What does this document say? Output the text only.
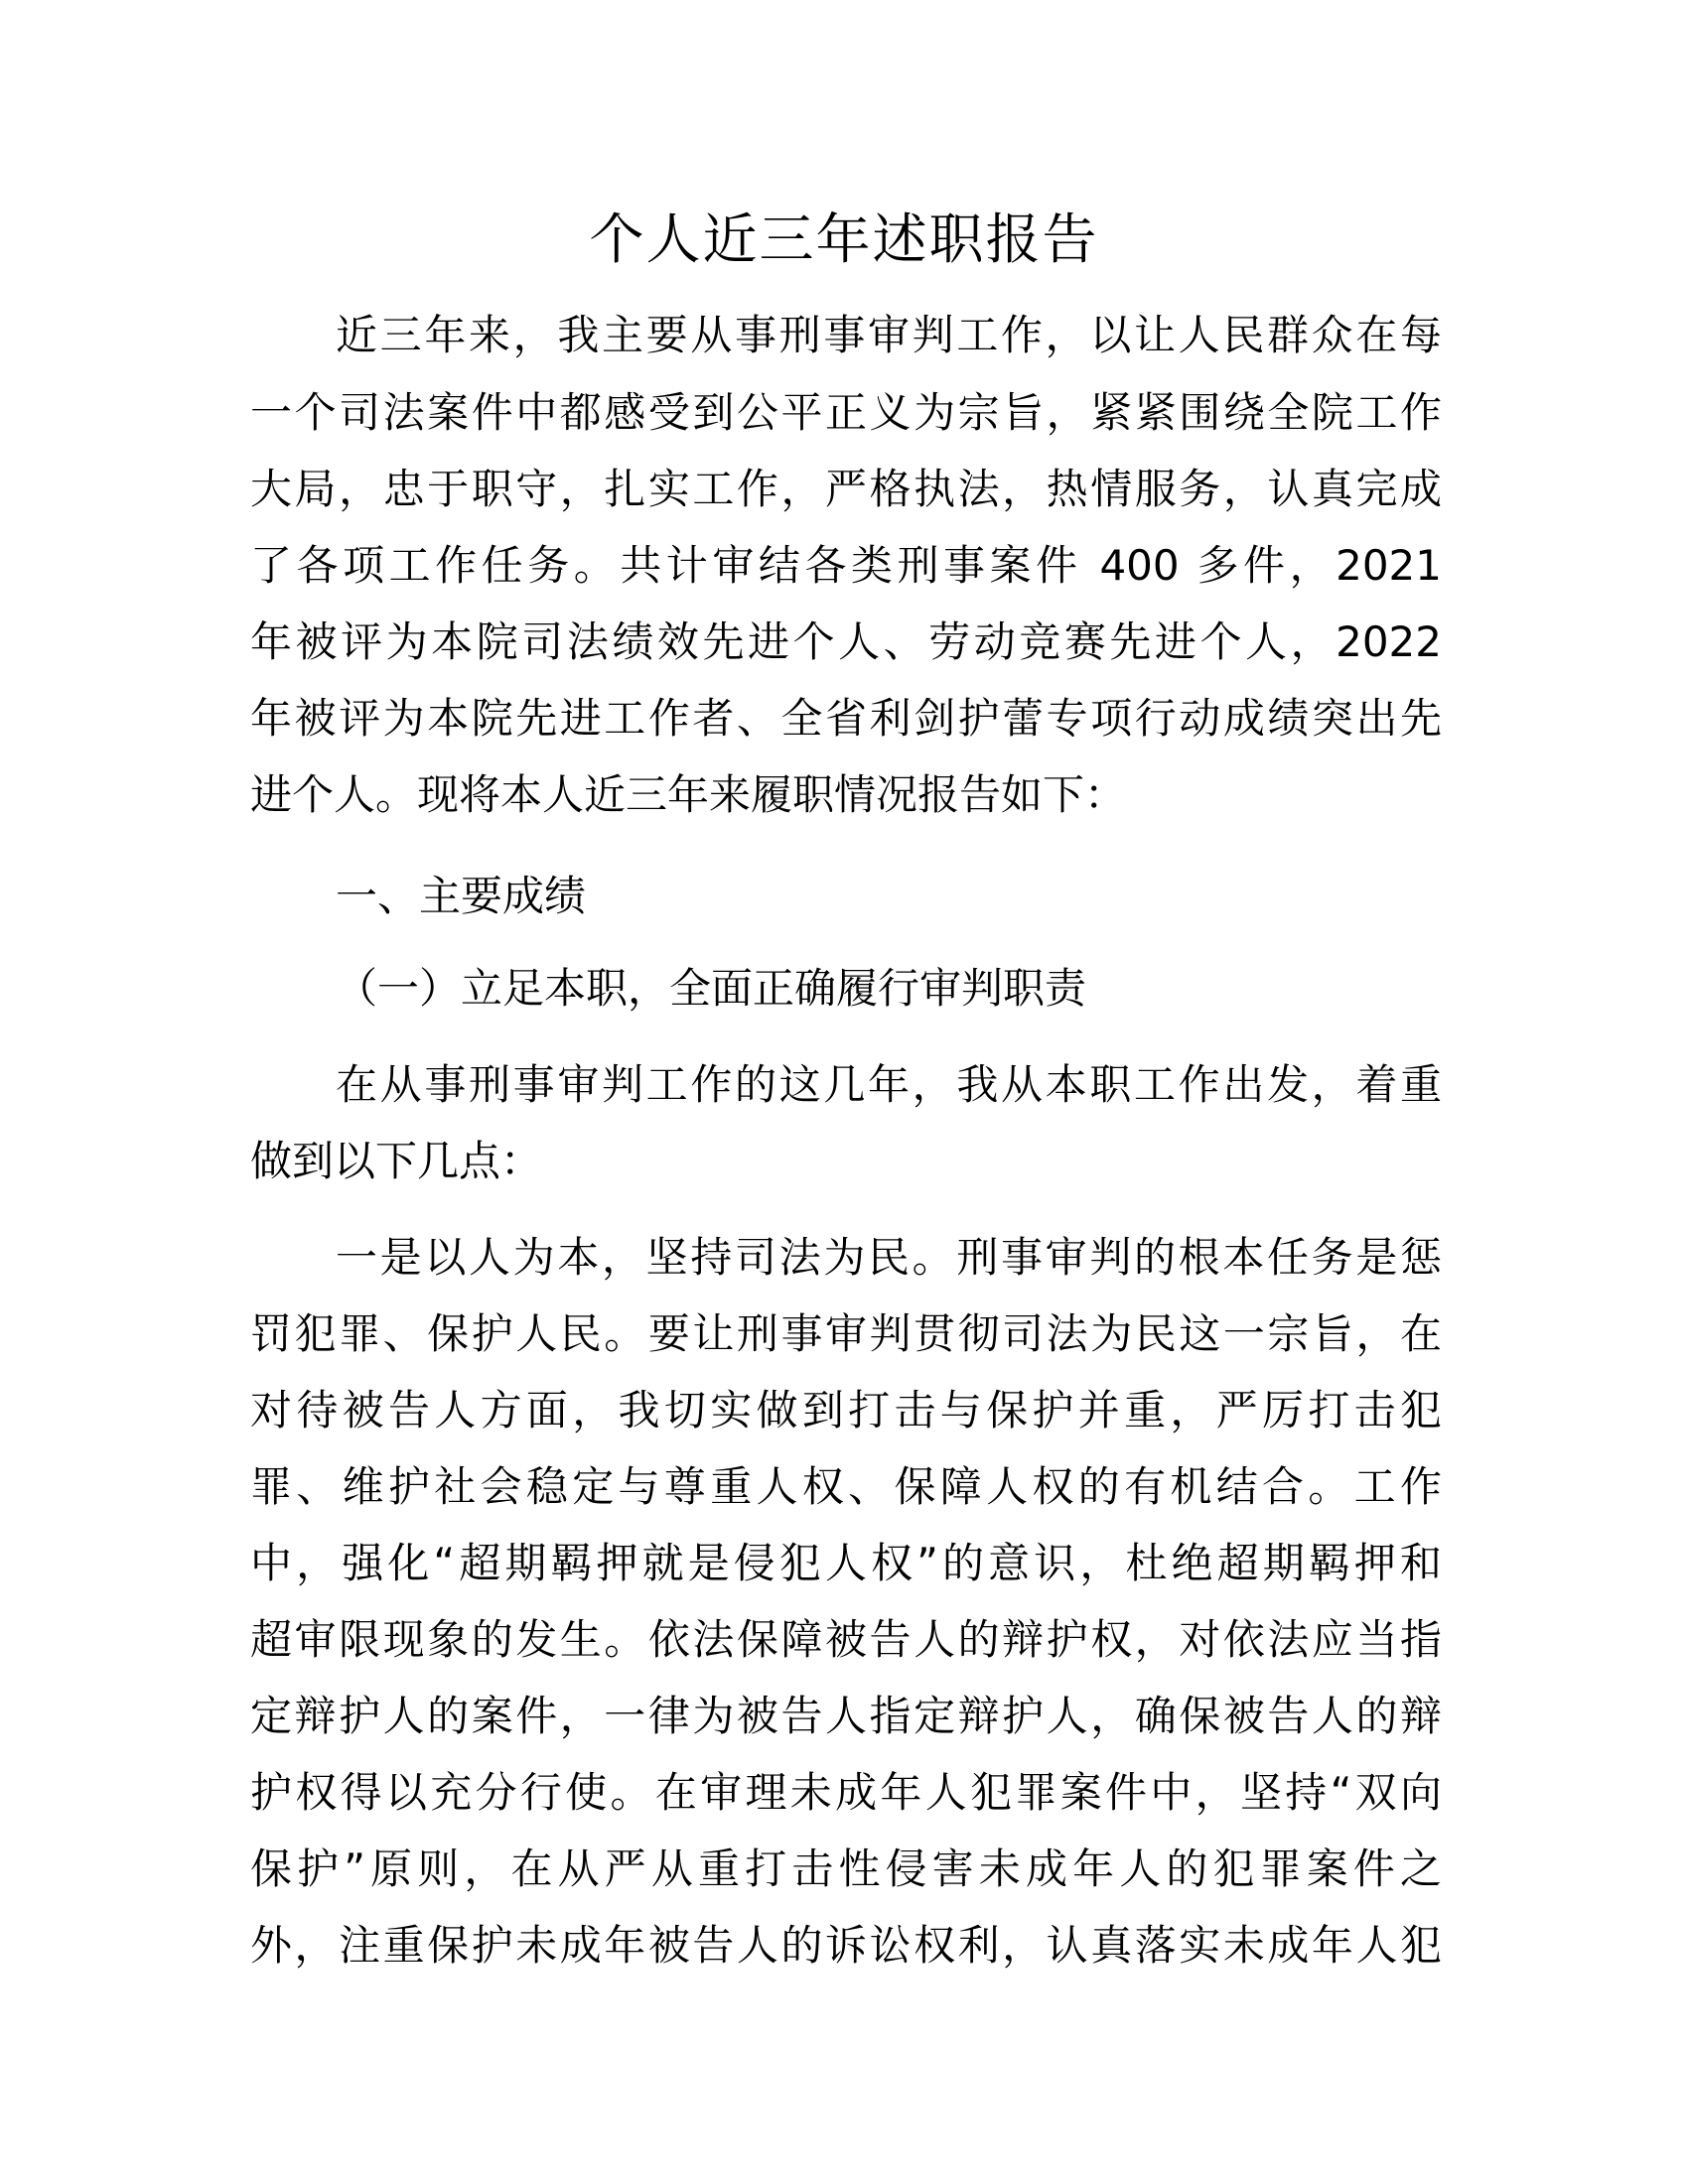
个人近三年述职报告

近三年来，我主要从事刑事审判工作，以让人民群众在每

一个司法案件中都感受到公平正义为宗旨，紧紧围绕全院工作

大局，忠于职守，扎实工作，严格执法，热情服务，认真完成

了各项工作任务。共计审结各类刑事案件 400 多件，2021

年被评为本院司法绩效先进个人、劳动竞赛先进个人，2022

年被评为本院先进工作者、全省利剑护蕾专项行动成绩突出先

进个人。现将本人近三年来履职情况报告如下：

一、主要成绩

（一）立足本职，全面正确履行审判职责

在从事刑事审判工作的这几年，我从本职工作出发，着重

做到以下几点：

一是以人为本，坚持司法为民。刑事审判的根本任务是惩

罚犯罪、保护人民。要让刑事审判贯彻司法为民这一宗旨，在

对待被告人方面，我切实做到打击与保护并重，严厉打击犯

罪、维护社会稳定与尊重人权、保障人权的有机结合。工作

中，强化“超期羁押就是侵犯人权”的意识，杜绝超期羁押和

超审限现象的发生。依法保障被告人的辩护权，对依法应当指

定辩护人的案件，一律为被告人指定辩护人，确保被告人的辩

护权得以充分行使。在审理未成年人犯罪案件中，坚持“双向

保护”原则，在从严从重打击性侵害未成年人的犯罪案件之

外，注重保护未成年被告人的诉讼权利，认真落实未成年人犯
